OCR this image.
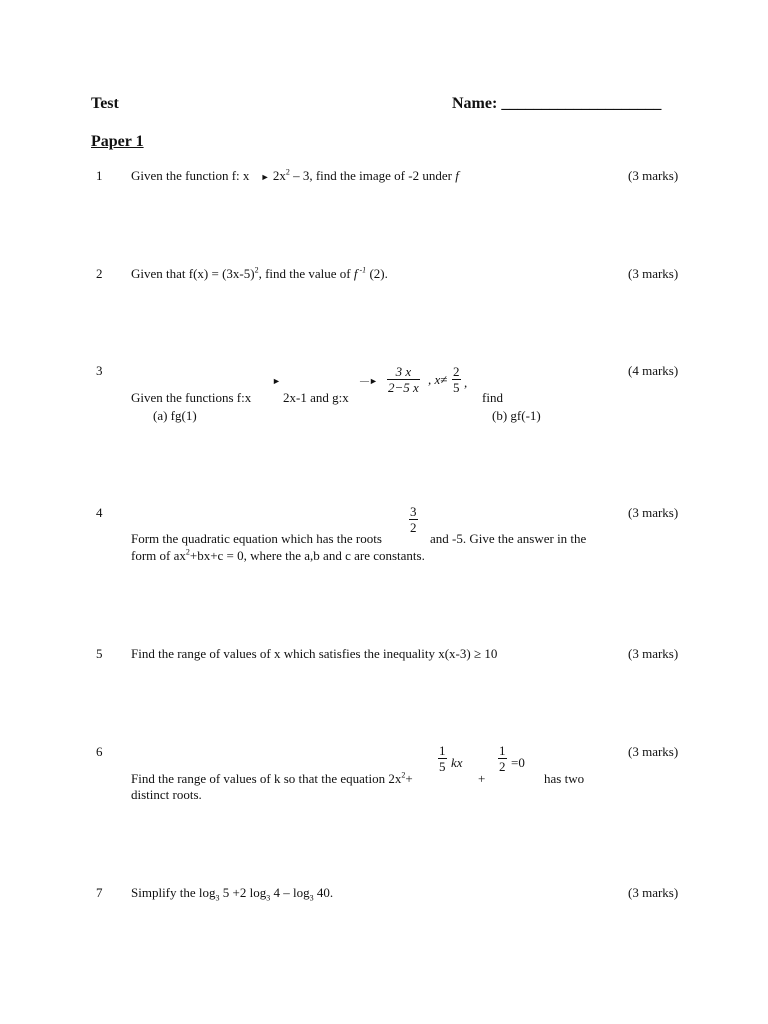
Test	Name: ____________________
Paper 1
1 Given the function f: x ► $2x^2 - 3$, find the image of -2 under f	(3 marks)
2 Given that $f(x) = (3x-5)^2$, find the value of f $^{-1}$ (2).	(3 marks)
3
Given the functions f:x
►
2x-1 and g:x
—►
3 x
2−5 x
, x≠
2
5 ,
find
(a) fg(1)	(b) gf(-1)
(4 marks)
4
Form the quadratic equation which has the roots
3
2
and -5. Give the answer in the
form of $ax^2+bx+c = 0$, where the a,b and c are constants.
(3 marks)
5 Find the range of values of x which satisfies the inequality x(x-3) ≥ 10	(3 marks)
6
Find the range of values of k so that the equation $2x^2+$
1
5 kx
+
1
2 =0
has two
distinct roots.
(3 marks)
7 Simplify the $\log_3 5 +2$ $\log_3 4 - \log_3 40$.	(3 marks)
